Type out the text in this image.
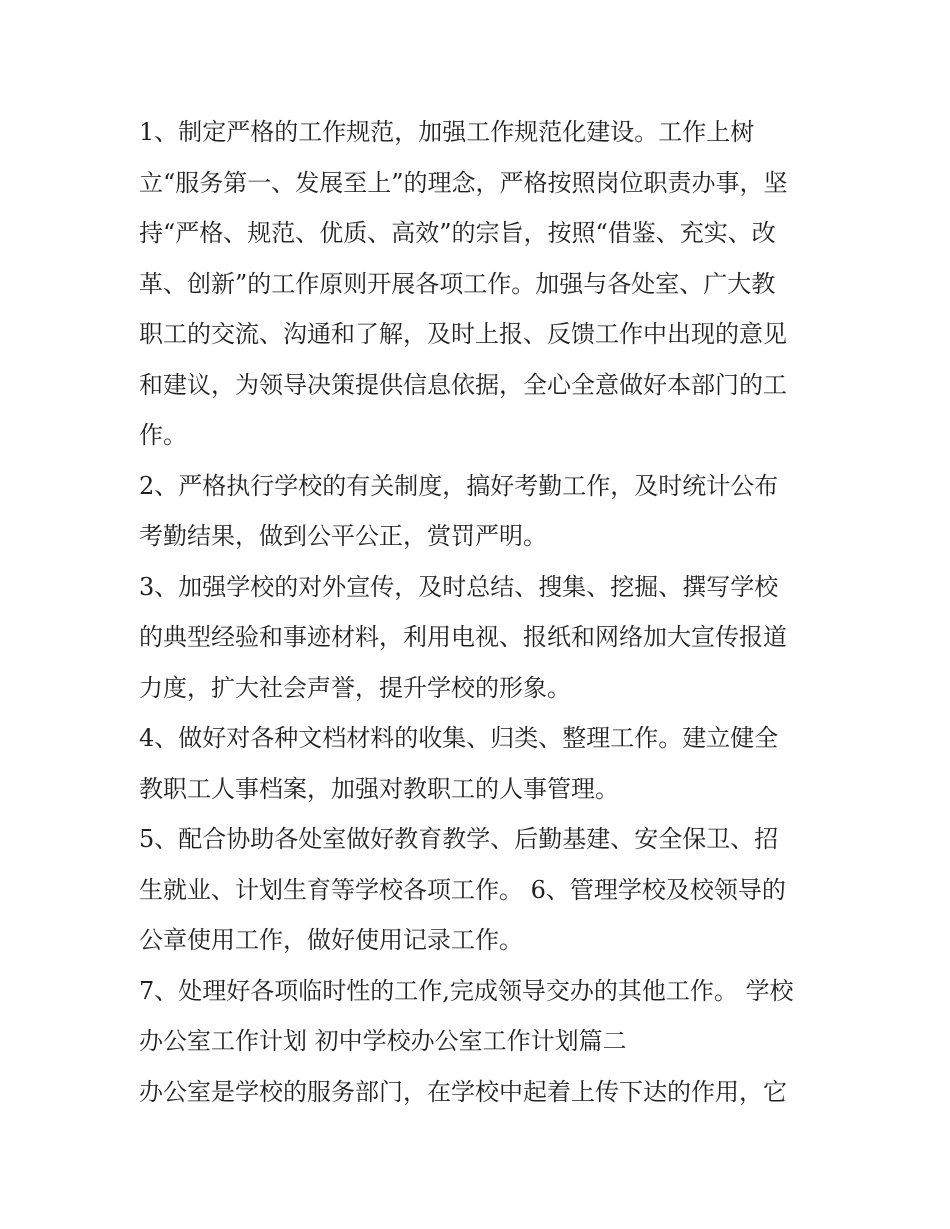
1、制定严格的工作规范，加强工作规范化建设。工作上树
立“服务第一、发展至上”的理念，严格按照岗位职责办事，坚
持“严格、规范、优质、高效”的宗旨，按照“借鉴、充实、改
革、创新”的工作原则开展各项工作。加强与各处室、广大教
职工的交流、沟通和了解，及时上报、反馈工作中出现的意见
和建议，为领导决策提供信息依据，全心全意做好本部门的工
作。
2、严格执行学校的有关制度，搞好考勤工作，及时统计公布
考勤结果，做到公平公正，赏罚严明。
3、加强学校的对外宣传，及时总结、搜集、挖掘、撰写学校
的典型经验和事迹材料，利用电视、报纸和网络加大宣传报道
力度，扩大社会声誉，提升学校的形象。
4、做好对各种文档材料的收集、归类、整理工作。建立健全
教职工人事档案，加强对教职工的人事管理。
5、配合协助各处室做好教育教学、后勤基建、安全保卫、招
生就业、计划生育等学校各项工作。 6、管理学校及校领导的
公章使用工作，做好使用记录工作。
7、处理好各项临时性的工作,完成领导交办的其他工作。 学校
办公室工作计划 初中学校办公室工作计划篇二
办公室是学校的服务部门，在学校中起着上传下达的作用，它
